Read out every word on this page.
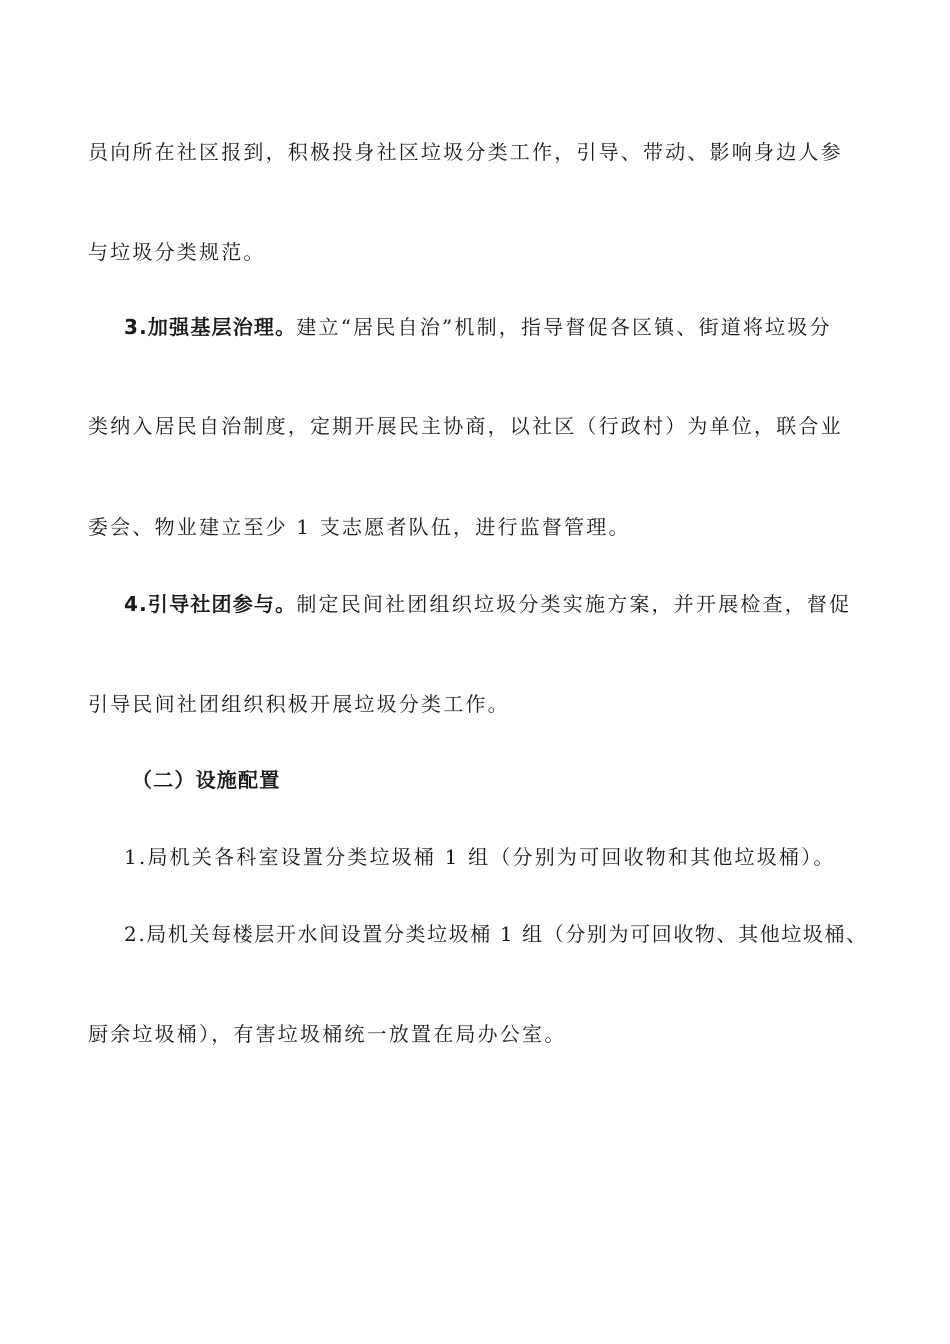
员向所在社区报到，积极投身社区垃圾分类工作，引导、带动、影响身边人参

与垃圾分类规范。

3.加强基层治理。建立“居民自治”机制，指导督促各区镇、街道将垃圾分

类纳入居民自治制度，定期开展民主协商，以社区（行政村）为单位，联合业

委会、物业建立至少 1 支志愿者队伍，进行监督管理。

4.引导社团参与。制定民间社团组织垃圾分类实施方案，并开展检查，督促

引导民间社团组织积极开展垃圾分类工作。

（二）设施配置

1.局机关各科室设置分类垃圾桶 1 组（分别为可回收物和其他垃圾桶）。

2.局机关每楼层开水间设置分类垃圾桶 1 组（分别为可回收物、其他垃圾桶、

厨余垃圾桶），有害垃圾桶统一放置在局办公室。
